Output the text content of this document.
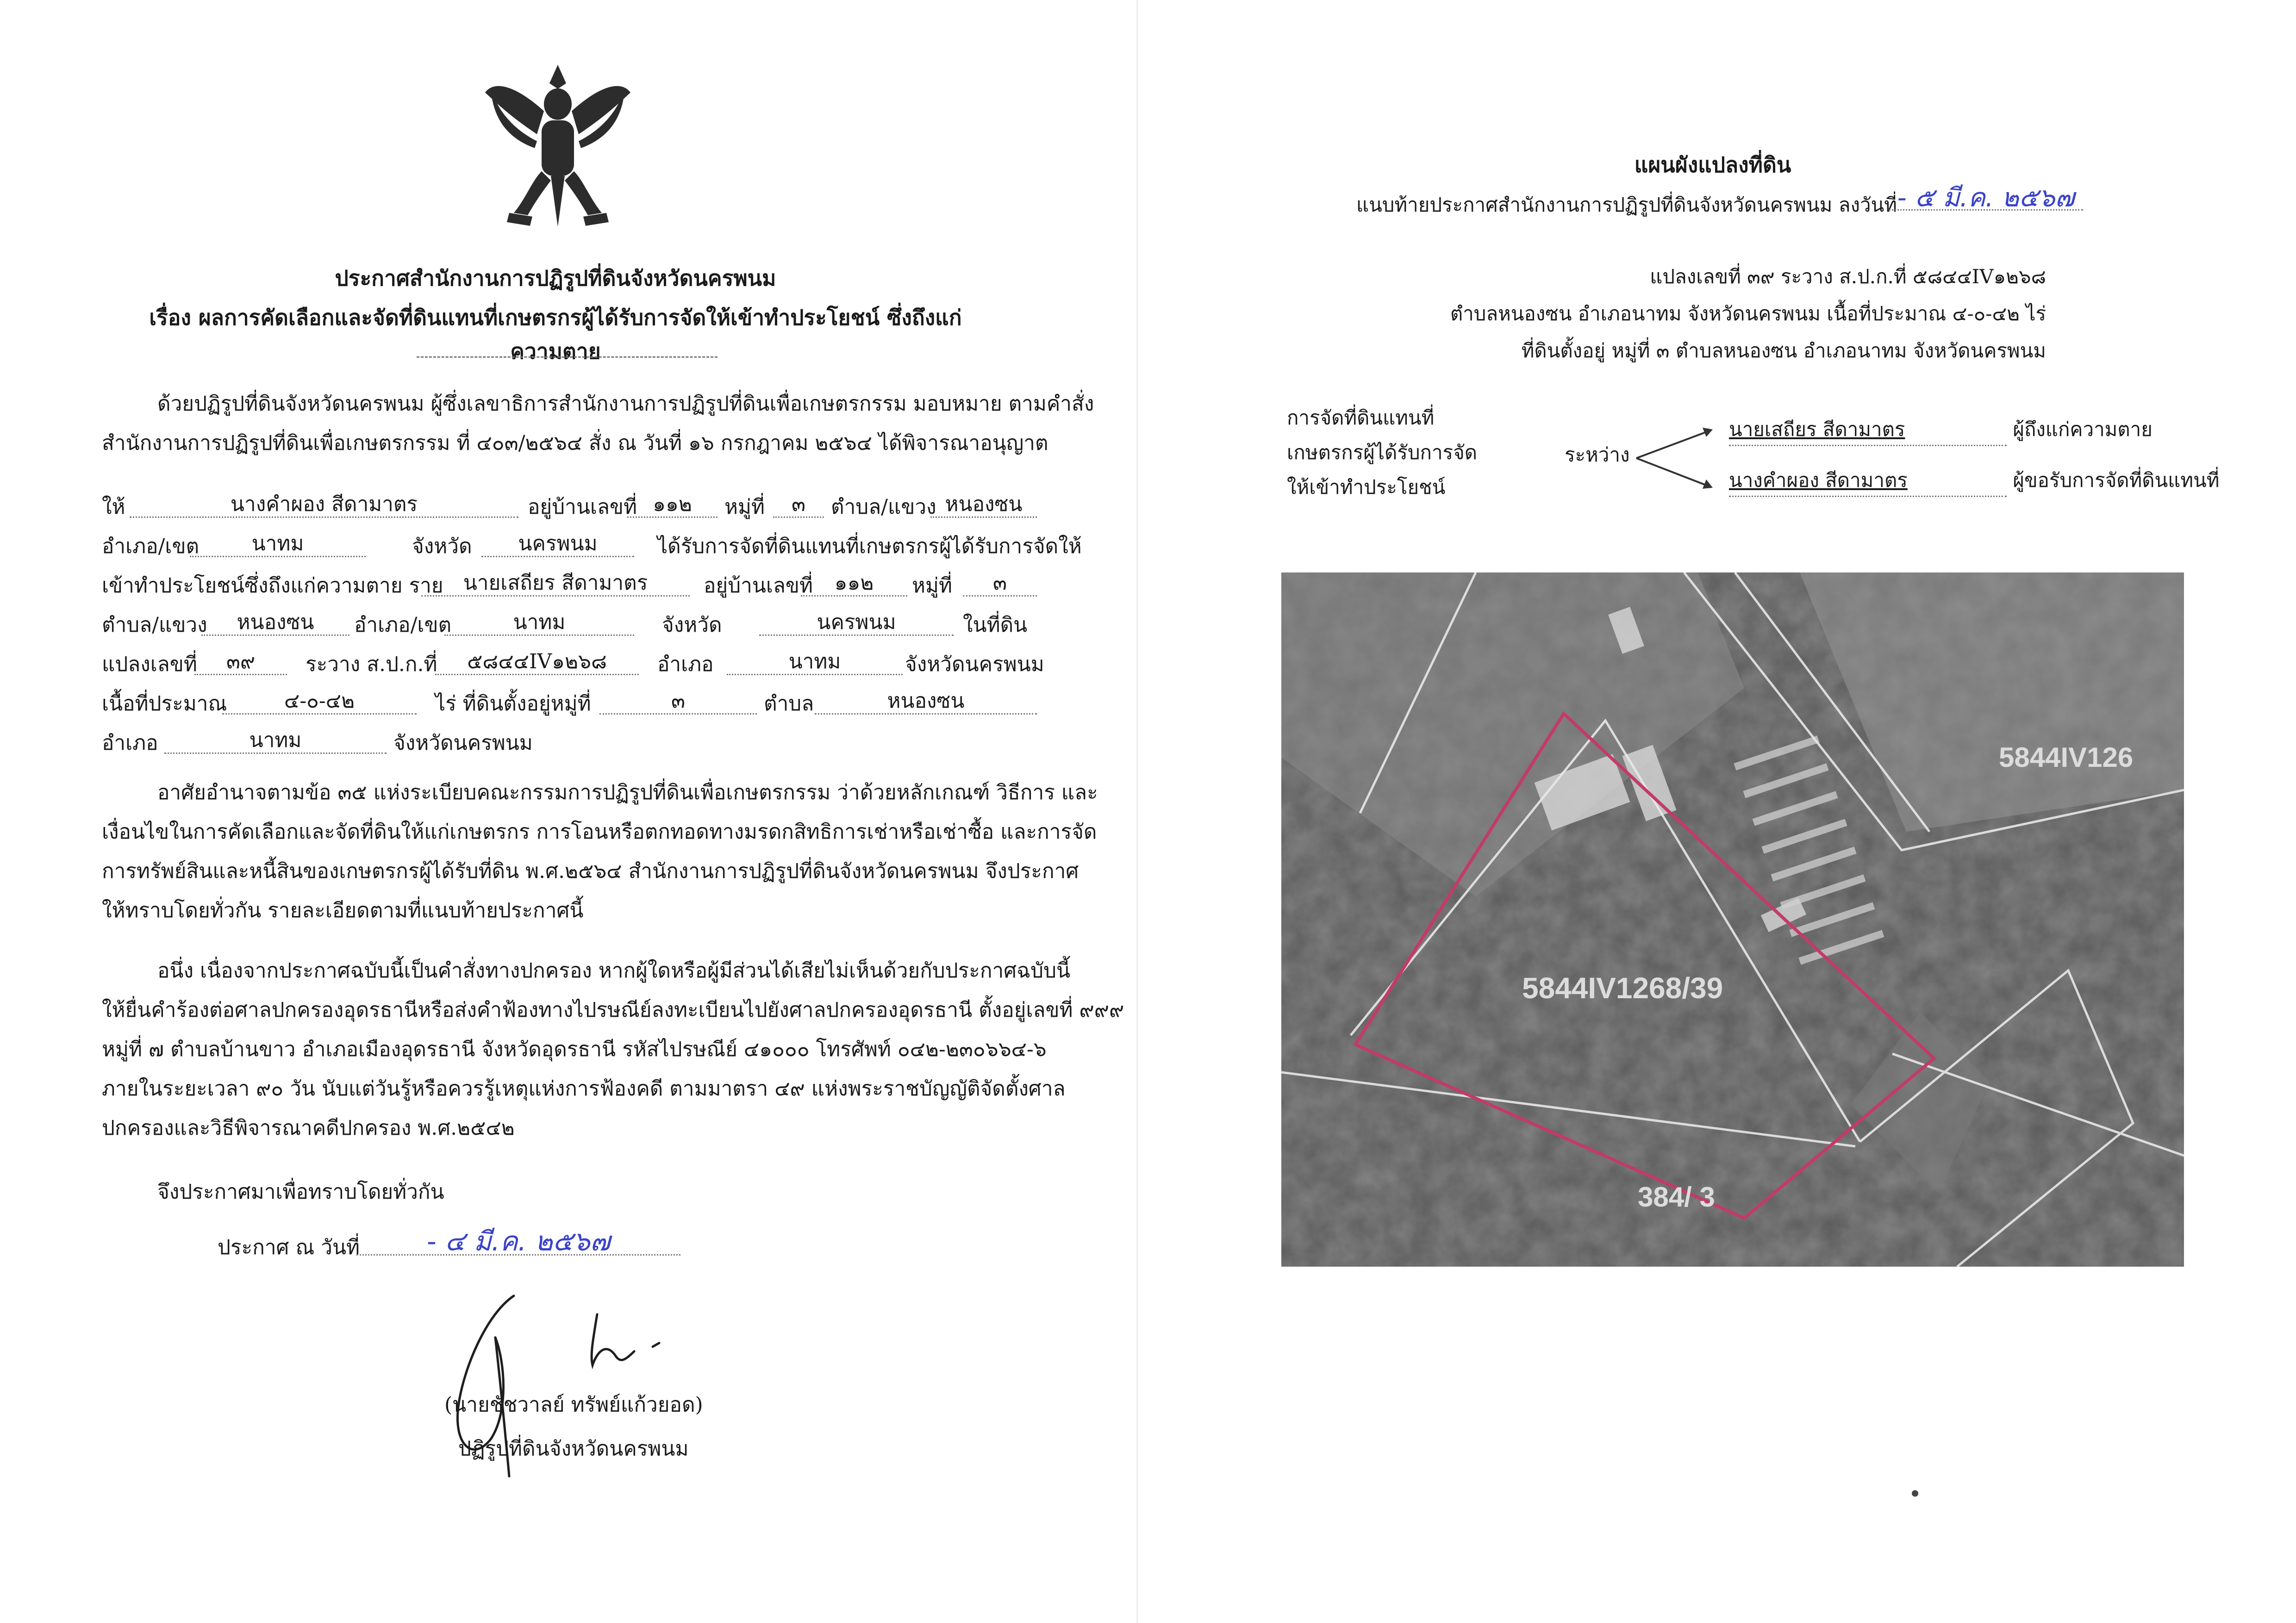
ประกาศสำนักงานการปฏิรูปที่ดินจังหวัดนครพนม
เรื่อง ผลการคัดเลือกและจัดที่ดินแทนที่เกษตรกรผู้ได้รับการจัดให้เข้าทำประโยชน์ ซึ่งถึงแก่ความตาย
ด้วยปฏิรูปที่ดินจังหวัดนครพนม ผู้ซึ่งเลขาธิการสำนักงานการปฏิรูปที่ดินเพื่อเกษตรกรรม มอบหมาย ตามคำสั่ง
สำนักงานการปฏิรูปที่ดินเพื่อเกษตรกรรม ที่ ๔๐๓/๒๕๖๔ สั่ง ณ วันที่ ๑๖ กรกฎาคม ๒๕๖๔ ได้พิจารณาอนุญาต
ให้	นางคำผอง สีดามาตร	อยู่บ้านเลขที่ ๑๑๒	หมู่ที่	๓	ตำบล/แขวง หนองซน
อำเภอ/เขต	นาทม	จังหวัด	นครพนม	ได้รับการจัดที่ดินแทนที่เกษตรกรผู้ได้รับการจัดให้
เข้าทำประโยชน์ซึ่งถึงแก่ความตาย ราย นายเสถียร สีดามาตร	อยู่บ้านเลขที่	๑๑๒	หมู่ที่	๓
ตำบล/แขวง	หนองซน	อำเภอ/เขต	นาทม	จังหวัด	นครพนม	ในที่ดิน
แปลงเลขที่	๓๙	ระวาง ส.ป.ก.ที่	๕๘๔๔IV๑๒๖๘	อำเภอ	นาทม	จังหวัดนครพนม
เนื้อที่ประมาณ	๔-๐-๔๒	ไร่ ที่ดินตั้งอยู่หมู่ที่	๓	ตำบล	หนองซน
อำเภอ	นาทม	จังหวัดนครพนม
อาศัยอำนาจตามข้อ ๓๕ แห่งระเบียบคณะกรรมการปฏิรูปที่ดินเพื่อเกษตรกรรม ว่าด้วยหลักเกณฑ์ วิธีการ และ
เงื่อนไขในการคัดเลือกและจัดที่ดินให้แก่เกษตรกร การโอนหรือตกทอดทางมรดกสิทธิการเช่าหรือเช่าซื้อ และการจัด
การทรัพย์สินและหนี้สินของเกษตรกรผู้ได้รับที่ดิน พ.ศ.๒๕๖๔ สำนักงานการปฏิรูปที่ดินจังหวัดนครพนม จึงประกาศ
ให้ทราบโดยทั่วกัน รายละเอียดตามที่แนบท้ายประกาศนี้
อนึ่ง เนื่องจากประกาศฉบับนี้เป็นคำสั่งทางปกครอง หากผู้ใดหรือผู้มีส่วนได้เสียไม่เห็นด้วยกับประกาศฉบับนี้
ให้ยื่นคำร้องต่อศาลปกครองอุดรธานีหรือส่งคำฟ้องทางไปรษณีย์ลงทะเบียนไปยังศาลปกครองอุดรธานี ตั้งอยู่เลขที่ ๙๙๙
หมู่ที่ ๗ ตำบลบ้านขาว อำเภอเมืองอุดรธานี จังหวัดอุดรธานี รหัสไปรษณีย์ ๔๑๐๐๐ โทรศัพท์ ๐๔๒-๒๓๐๖๖๔-๖
ภายในระยะเวลา ๙๐ วัน นับแต่วันรู้หรือควรรู้เหตุแห่งการฟ้องคดี ตามมาตรา ๔๙ แห่งพระราชบัญญัติจัดตั้งศาล
ปกครองและวิธีพิจารณาคดีปกครอง พ.ศ.๒๕๔๒
จึงประกาศมาเพื่อทราบโดยทั่วกัน
ประกาศ ณ วันที่	- ๔ มี.ค. ๒๕๖๗
(นายชัชวาลย์ ทรัพย์แก้วยอด)
ปฏิรูปที่ดินจังหวัดนครพนม
แผนผังแปลงที่ดิน
แนบท้ายประกาศสำนักงานการปฏิรูปที่ดินจังหวัดนครพนม ลงวันที่ - ๕ มี.ค. ๒๕๖๗
แปลงเลขที่ ๓๙ ระวาง ส.ป.ก.ที่ ๕๘๔๔IV๑๒๖๘
ตำบลหนองซน อำเภอนาทม จังหวัดนครพนม เนื้อที่ประมาณ ๔-๐-๔๒ ไร่
ที่ดินตั้งอยู่ หมู่ที่ ๓ ตำบลหนองซน อำเภอนาทม จังหวัดนครพนม
การจัดที่ดินแทนที่
เกษตรกรผู้ได้รับการจัด
ให้เข้าทำประโยชน์
ระหว่าง
นายเสถียร สีดามาตร	ผู้ถึงแก่ความตาย
นางคำผอง สีดามาตร	ผู้ขอรับการจัดที่ดินแทนที่
5844IV1268/39
5844IV126
384/ 3
